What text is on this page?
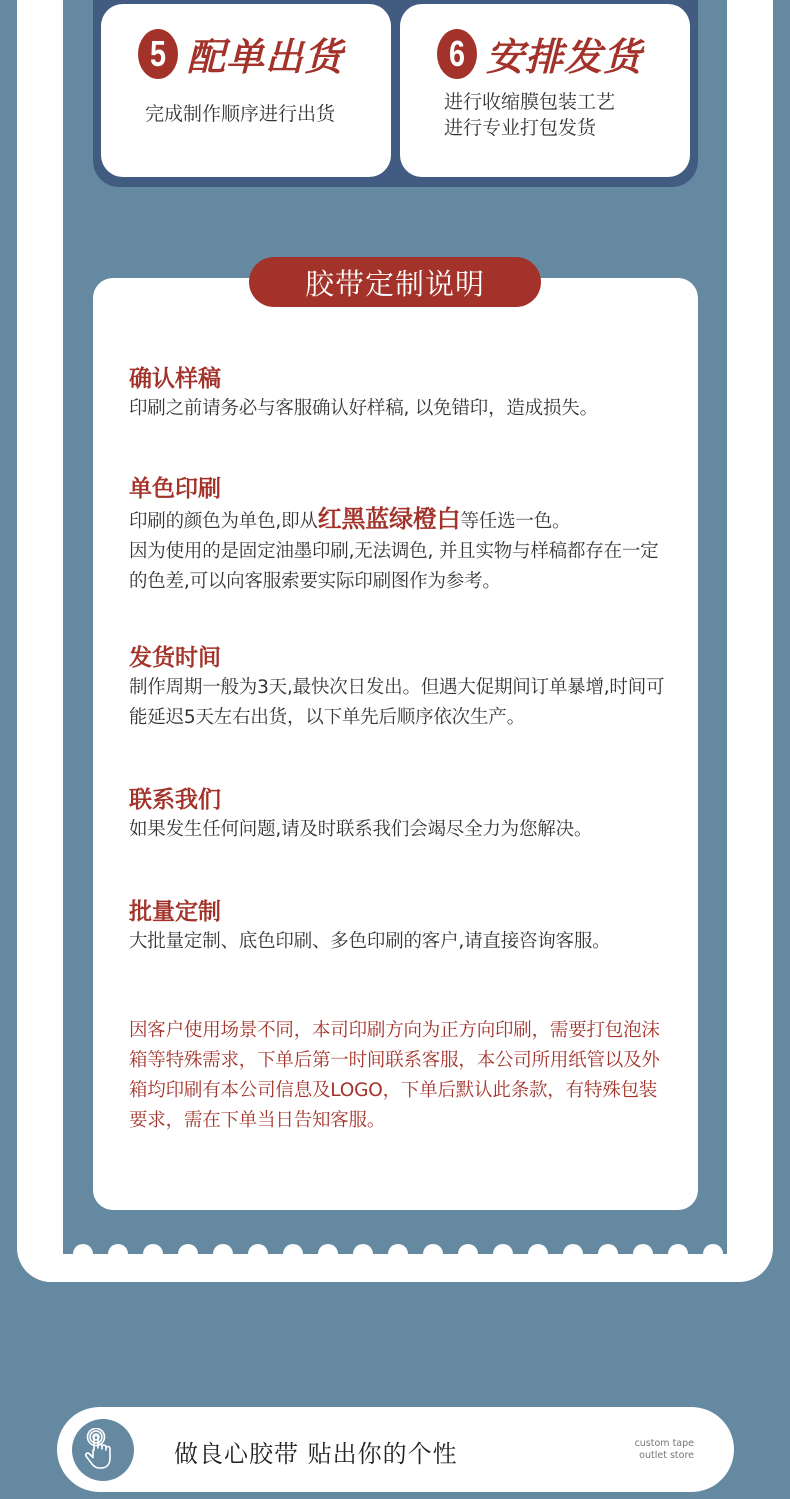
5 配单出货
完成制作顺序进行出货
6 安排发货
进行收缩膜包装工艺
进行专业打包发货
胶带定制说明
确认样稿
印刷之前请务必与客服确认好样稿, 以免错印，造成损失。
单色印刷
印刷的颜色为单色,即从红黑蓝绿橙白等任选一色。
因为使用的是固定油墨印刷,无法调色, 并且实物与样稿都存在一定的色差,可以向客服索要实际印刷图作为参考。
发货时间
制作周期一般为3天,最快次日发出。但遇大促期间订单暴增,时间可能延迟5天左右出货，以下单先后顺序依次生产。
联系我们
如果发生任何问题,请及时联系我们会竭尽全力为您解决。
批量定制
大批量定制、底色印刷、多色印刷的客户,请直接咨询客服。
因客户使用场景不同，本司印刷方向为正方向印刷，需要打包泡沫箱等特殊需求，下单后第一时间联系客服，本公司所用纸管以及外箱均印刷有本公司信息及LOGO，下单后默认此条款，有特殊包装要求，需在下单当日告知客服。
做良心胶带 贴出你的个性	custom tape
outlet store
